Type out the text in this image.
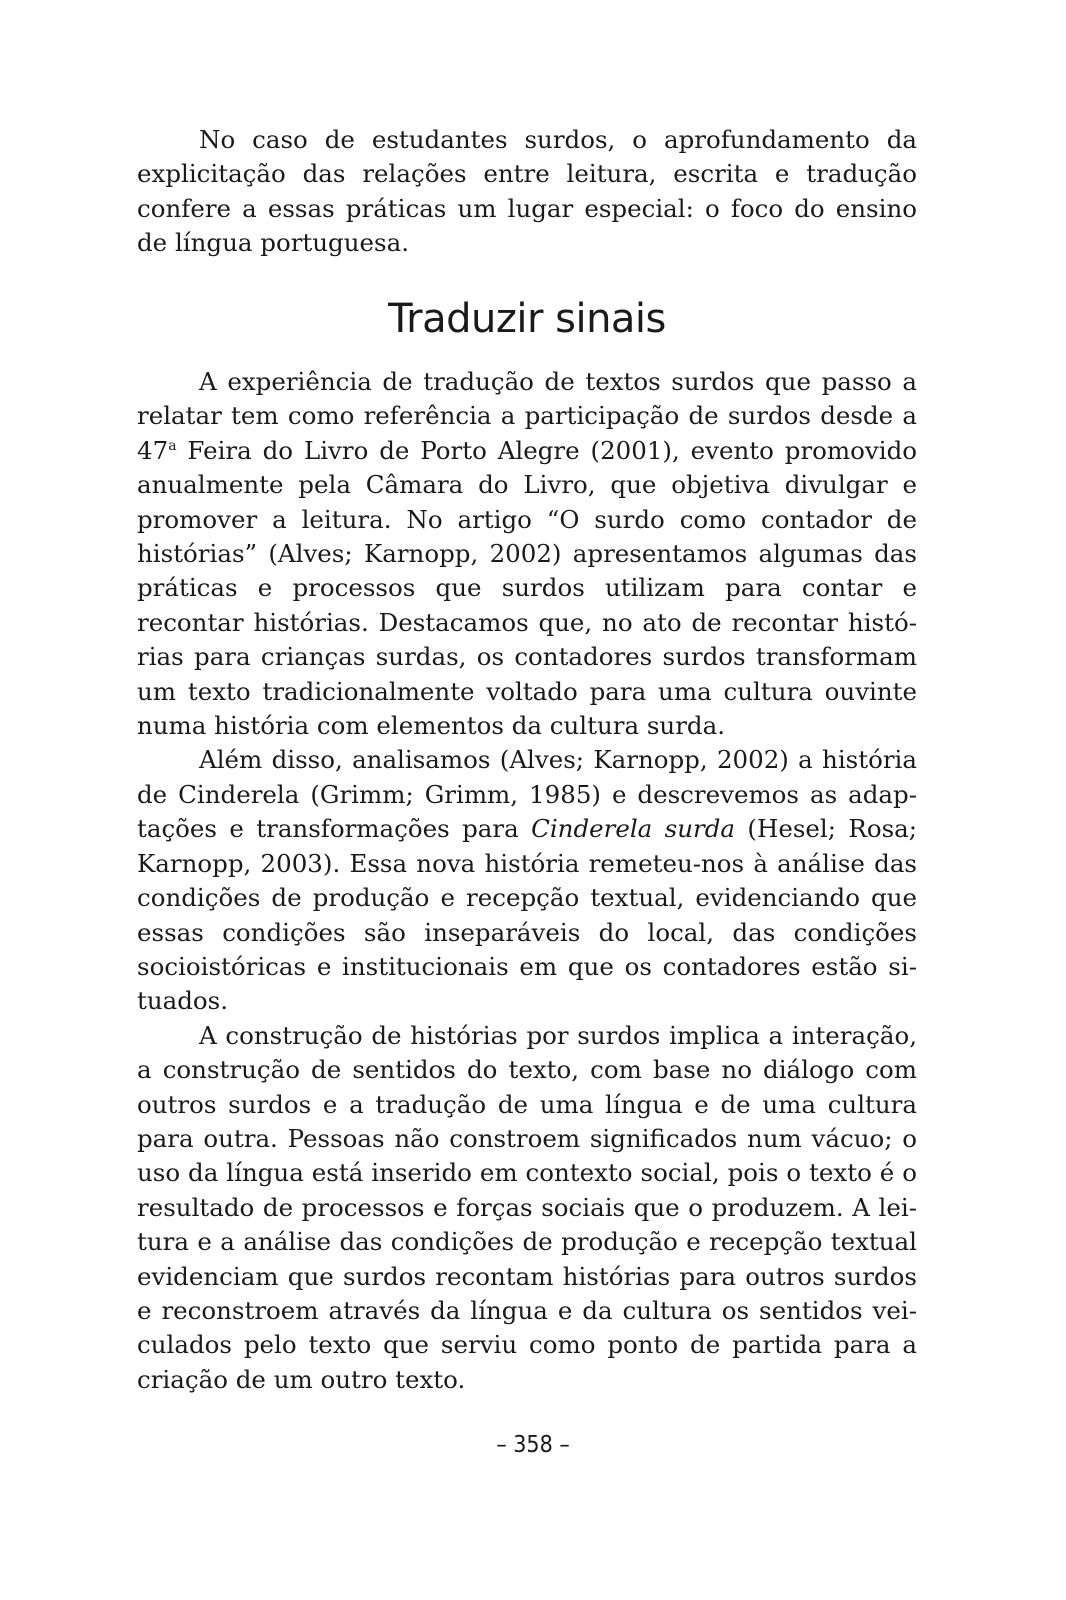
No caso de estudantes surdos, o aprofundamento da explicitação das relações entre leitura, escrita e tradução confere a essas práticas um lugar especial: o foco do ensino de língua portuguesa.

Traduzir sinais

A experiência de tradução de textos surdos que passo a relatar tem como referência a participação de surdos desde a 47$^a$ Feira do Livro de Porto Alegre (2001), evento promovido anualmente pela Câmara do Livro, que objetiva divulgar e promover a leitura. No artigo “O surdo como contador de histórias” (Alves; Karnopp, 2002) apresentamos algumas das práticas e processos que surdos utilizam para contar e recontar histórias. Destacamos que, no ato de recontar histórias para crianças surdas, os contadores surdos transformam um texto tradicionalmente voltado para uma cultura ouvinte numa história com elementos da cultura surda.

Além disso, analisamos (Alves; Karnopp, 2002) a história de Cinderela (Grimm; Grimm, 1985) e descrevemos as adaptações e transformações para Cinderela surda (Hesel; Rosa; Karnopp, 2003). Essa nova história remeteu-nos à análise das condições de produção e recepção textual, evidenciando que essas condições são inseparáveis do local, das condições socioistóricas e institucionais em que os contadores estão situados.

A construção de histórias por surdos implica a interação, a construção de sentidos do texto, com base no diálogo com outros surdos e a tradução de uma língua e de uma cultura para outra. Pessoas não constroem significados num vácuo; o uso da língua está inserido em contexto social, pois o texto é o resultado de processos e forças sociais que o produzem. A leitura e a análise das condições de produção e recepção textual evidenciam que surdos recontam histórias para outros surdos e reconstroem através da língua e da cultura os sentidos veiculados pelo texto que serviu como ponto de partida para a criação de um outro texto.

– 358 –
